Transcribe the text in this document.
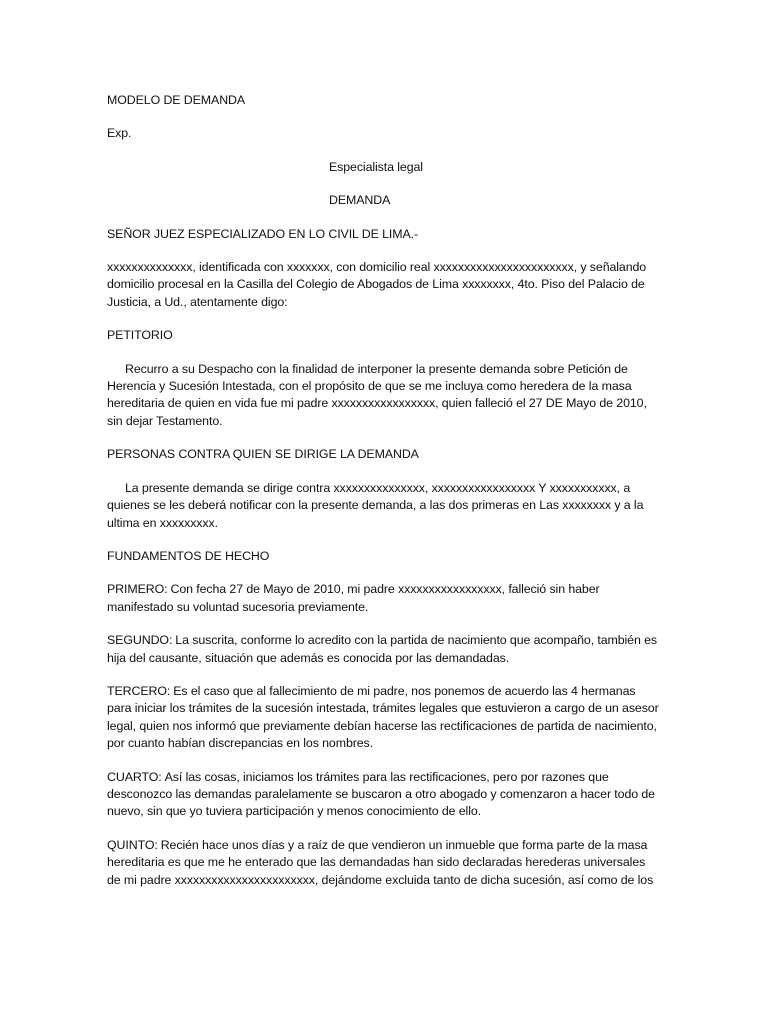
MODELO DE DEMANDA

Exp.

Especialista legal

DEMANDA

SEÑOR JUEZ ESPECIALIZADO EN LO CIVIL DE LIMA.-

xxxxxxxxxxxxxx, identificada con xxxxxxx, con domicilio real xxxxxxxxxxxxxxxxxxxxxxx, y señalando domicilio procesal en la Casilla del Colegio de Abogados de Lima xxxxxxxx, 4to. Piso del Palacio de Justicia, a Ud., atentamente digo:

PETITORIO

Recurro a su Despacho con la finalidad de interponer la presente demanda sobre Petición de Herencia y Sucesión Intestada, con el propósito de que se me incluya como heredera de la masa hereditaria de quien en vida fue mi padre xxxxxxxxxxxxxxxxx, quien falleció el 27 DE Mayo de 2010, sin dejar Testamento.

PERSONAS CONTRA QUIEN SE DIRIGE LA DEMANDA

La presente demanda se dirige contra xxxxxxxxxxxxxxx, xxxxxxxxxxxxxxxxx Y xxxxxxxxxxx, a quienes se les deberá notificar con la presente demanda, a las dos primeras en Las xxxxxxxx y a la ultima en xxxxxxxxx.

FUNDAMENTOS DE HECHO

PRIMERO: Con fecha 27 de Mayo de 2010, mi padre xxxxxxxxxxxxxxxxx, falleció sin haber manifestado su voluntad sucesoria previamente.

SEGUNDO: La suscrita, conforme lo acredito con la partida de nacimiento que acompaño, también es hija del causante, situación que además es conocida por las demandadas.

TERCERO: Es el caso que al fallecimiento de mi padre, nos ponemos de acuerdo las 4 hermanas para iniciar los trámites de la sucesión intestada, trámites legales que estuvieron a cargo de un asesor legal, quien nos informó que previamente debían hacerse las rectificaciones de partida de nacimiento, por cuanto habían discrepancias en los nombres.

CUARTO: Así las cosas, iniciamos los trámites para las rectificaciones, pero por razones que desconozco las demandas paralelamente se buscaron a otro abogado y comenzaron a hacer todo de nuevo, sin que yo tuviera participación y menos conocimiento de ello.

QUINTO: Recién hace unos días y a raíz de que vendieron un inmueble que forma parte de la masa hereditaria es que me he enterado que las demandadas han sido declaradas herederas universales de mi padre xxxxxxxxxxxxxxxxxxxxxxx, dejándome excluida tanto de dicha sucesión, así como de los
